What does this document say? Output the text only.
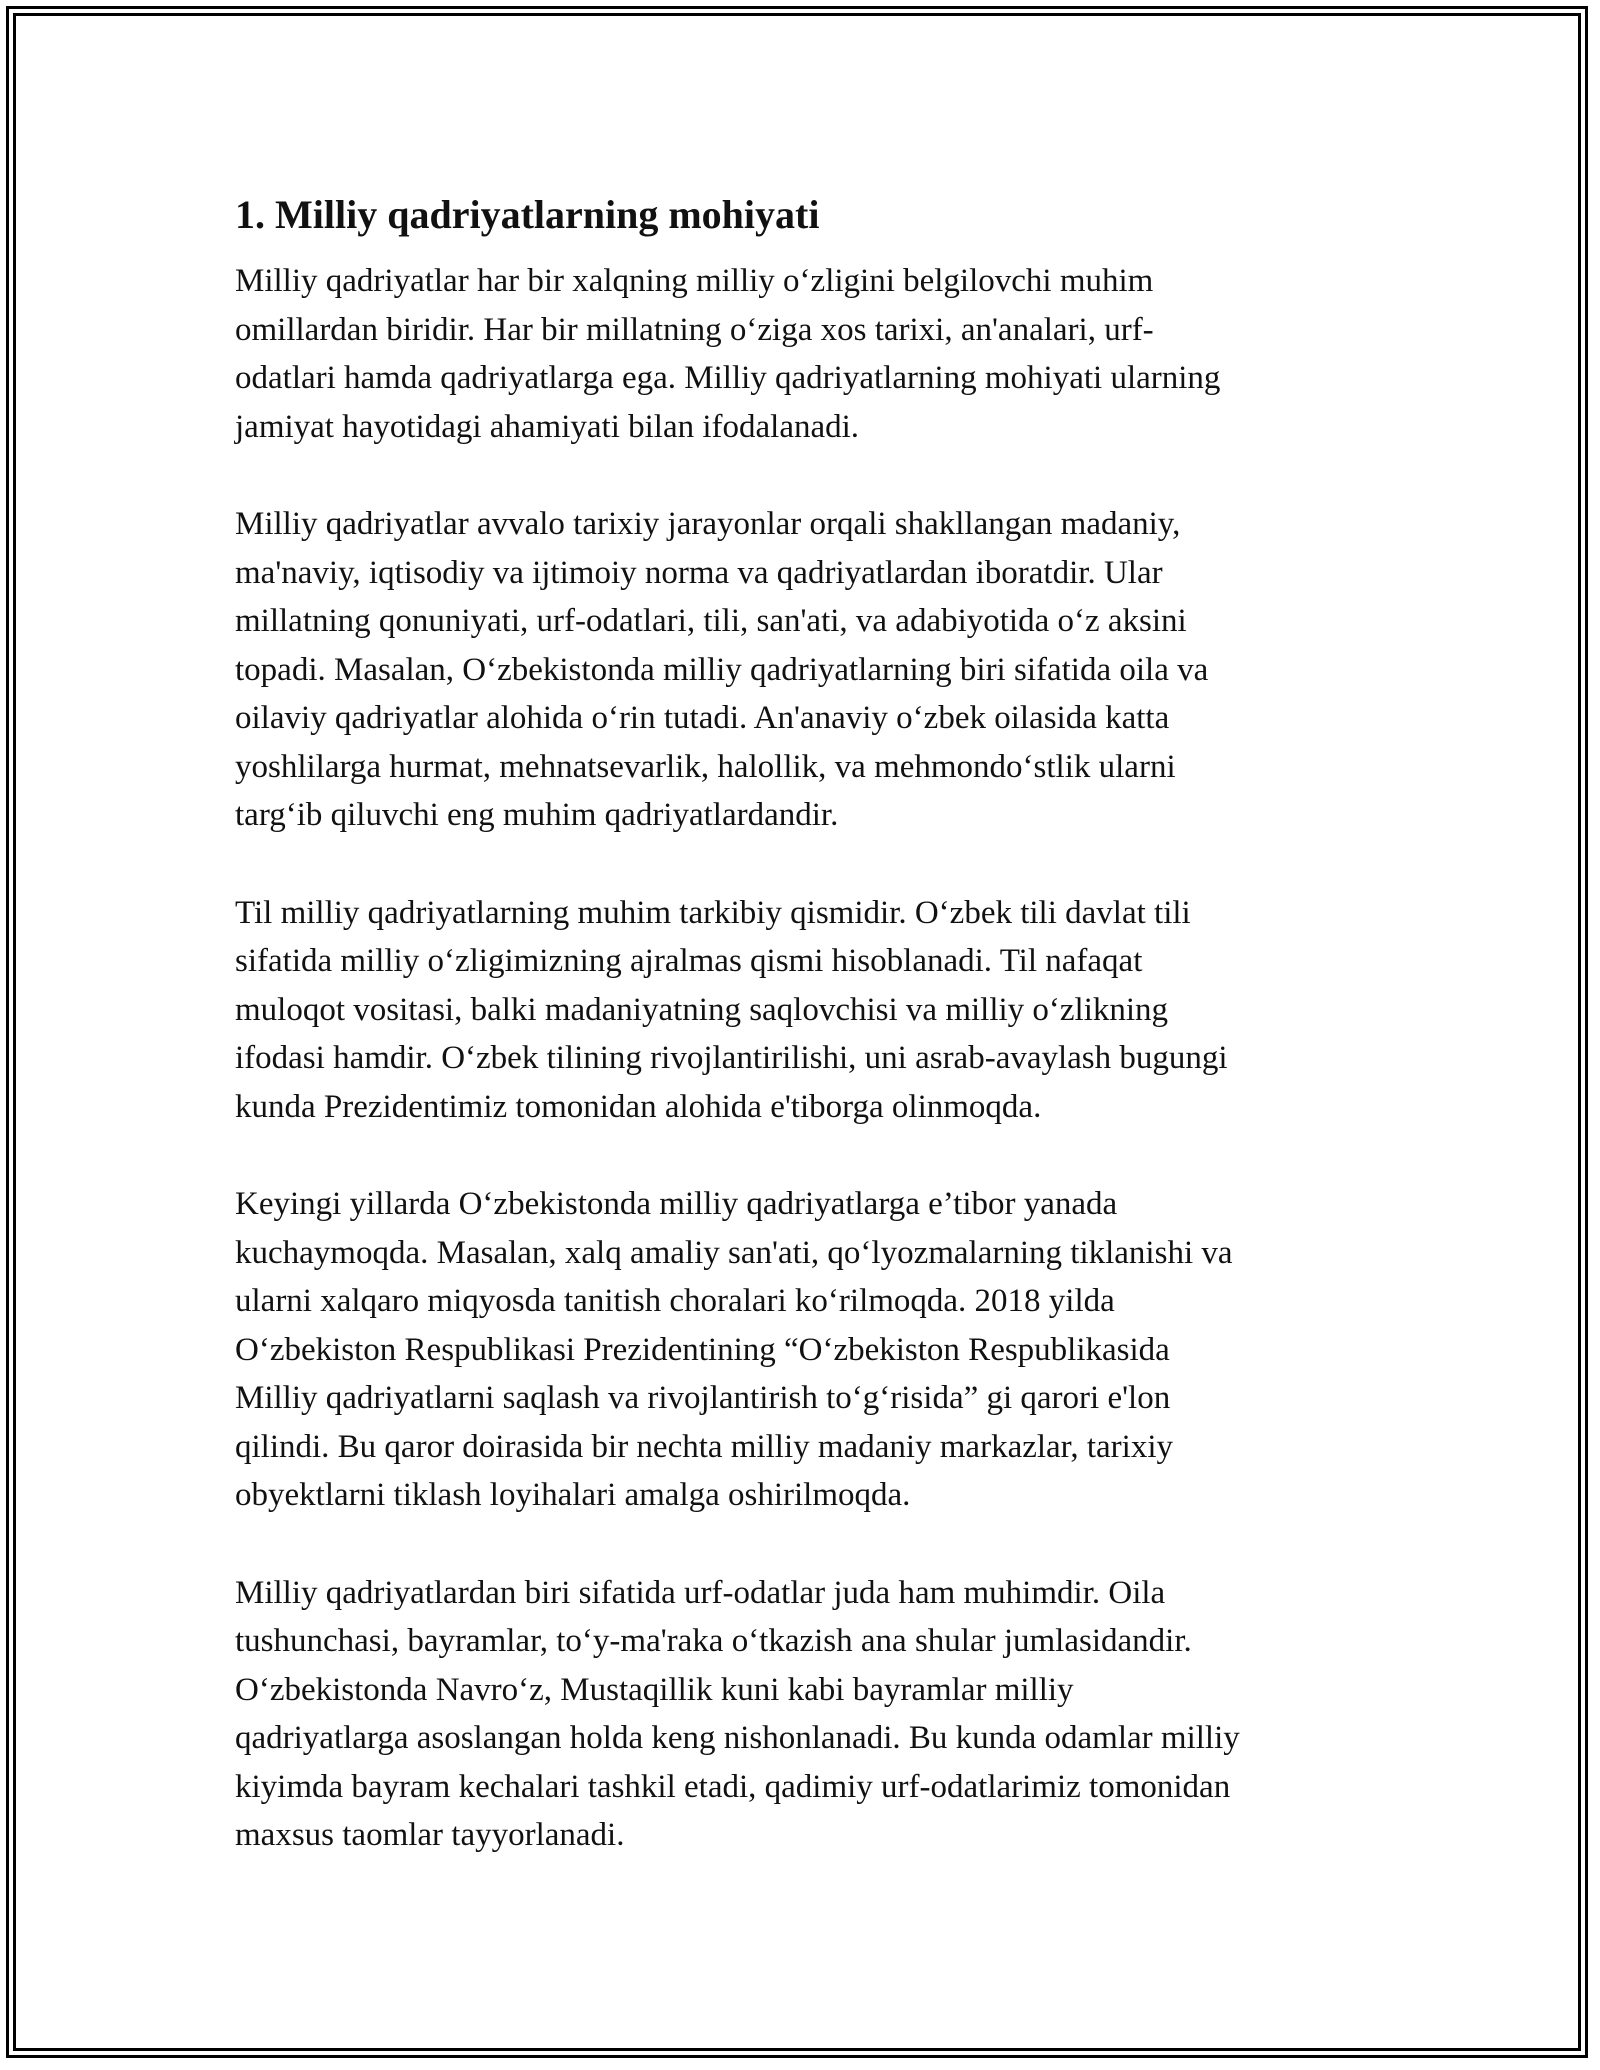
1. Milliy qadriyatlarning mohiyati

Milliy qadriyatlar har bir xalqning milliy o‘zligini belgilovchi muhim
omillardan biridir. Har bir millatning o‘ziga xos tarixi, an'analari, urf-
odatlari hamda qadriyatlarga ega. Milliy qadriyatlarning mohiyati ularning
jamiyat hayotidagi ahamiyati bilan ifodalanadi.

Milliy qadriyatlar avvalo tarixiy jarayonlar orqali shakllangan madaniy,
ma'naviy, iqtisodiy va ijtimoiy norma va qadriyatlardan iboratdir. Ular
millatning qonuniyati, urf-odatlari, tili, san'ati, va adabiyotida o‘z aksini
topadi. Masalan, O‘zbekistonda milliy qadriyatlarning biri sifatida oila va
oilaviy qadriyatlar alohida o‘rin tutadi. An'anaviy o‘zbek oilasida katta
yoshlilarga hurmat, mehnatsevarlik, halollik, va mehmondo‘stlik ularni
targ‘ib qiluvchi eng muhim qadriyatlardandir.

Til milliy qadriyatlarning muhim tarkibiy qismidir. O‘zbek tili davlat tili
sifatida milliy o‘zligimizning ajralmas qismi hisoblanadi. Til nafaqat
muloqot vositasi, balki madaniyatning saqlovchisi va milliy o‘zlikning
ifodasi hamdir. O‘zbek tilining rivojlantirilishi, uni asrab-avaylash bugungi
kunda Prezidentimiz tomonidan alohida e'tiborga olinmoqda.

Keyingi yillarda O‘zbekistonda milliy qadriyatlarga e’tibor yanada
kuchaymoqda. Masalan, xalq amaliy san'ati, qo‘lyozmalarning tiklanishi va
ularni xalqaro miqyosda tanitish choralari ko‘rilmoqda. 2018 yilda
O‘zbekiston Respublikasi Prezidentining “O‘zbekiston Respublikasida
Milliy qadriyatlarni saqlash va rivojlantirish to‘g‘risida” gi qarori e'lon
qilindi. Bu qaror doirasida bir nechta milliy madaniy markazlar, tarixiy
obyektlarni tiklash loyihalari amalga oshirilmoqda.

Milliy qadriyatlardan biri sifatida urf-odatlar juda ham muhimdir. Oila
tushunchasi, bayramlar, to‘y-ma'raka o‘tkazish ana shular jumlasidandir.
O‘zbekistonda Navro‘z, Mustaqillik kuni kabi bayramlar milliy
qadriyatlarga asoslangan holda keng nishonlanadi. Bu kunda odamlar milliy
kiyimda bayram kechalari tashkil etadi, qadimiy urf-odatlarimiz tomonidan
maxsus taomlar tayyorlanadi.
